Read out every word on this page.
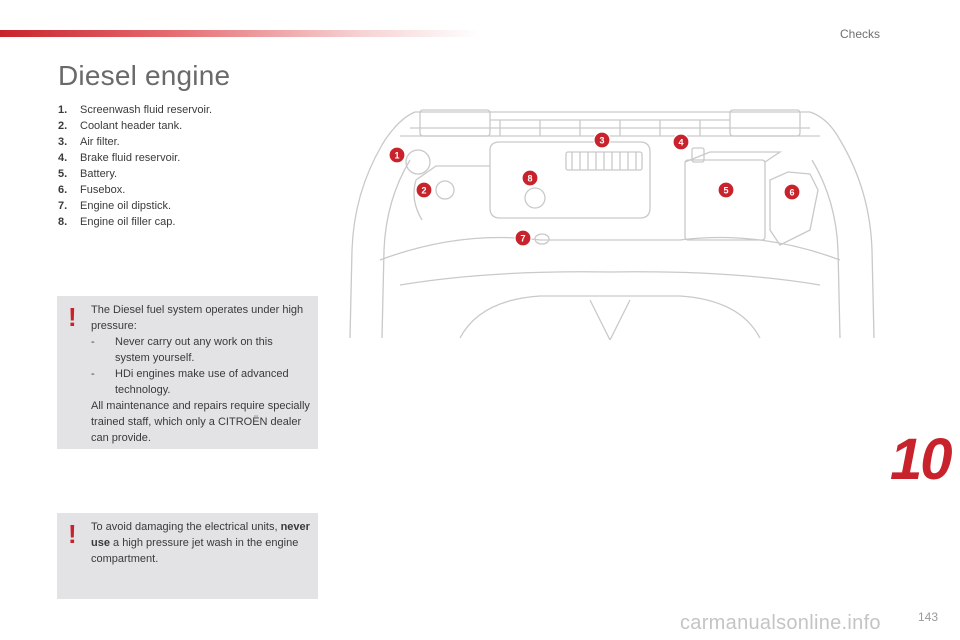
Checks
Diesel engine
1. Screenwash fluid reservoir.
2. Coolant header tank.
3. Air filter.
4. Brake fluid reservoir.
5. Battery.
6. Fusebox.
7. Engine oil dipstick.
8. Engine oil filler cap.
! The Diesel fuel system operates under high pressure:
- Never carry out any work on this system yourself.
- HDi engines make use of advanced technology.
All maintenance and repairs require specially trained staff, which only a CITROËN dealer can provide.
! To avoid damaging the electrical units, never use a high pressure jet wash in the engine compartment.
1
2
3	4
5	6
7
8
10
carmanualsonline.info	143
